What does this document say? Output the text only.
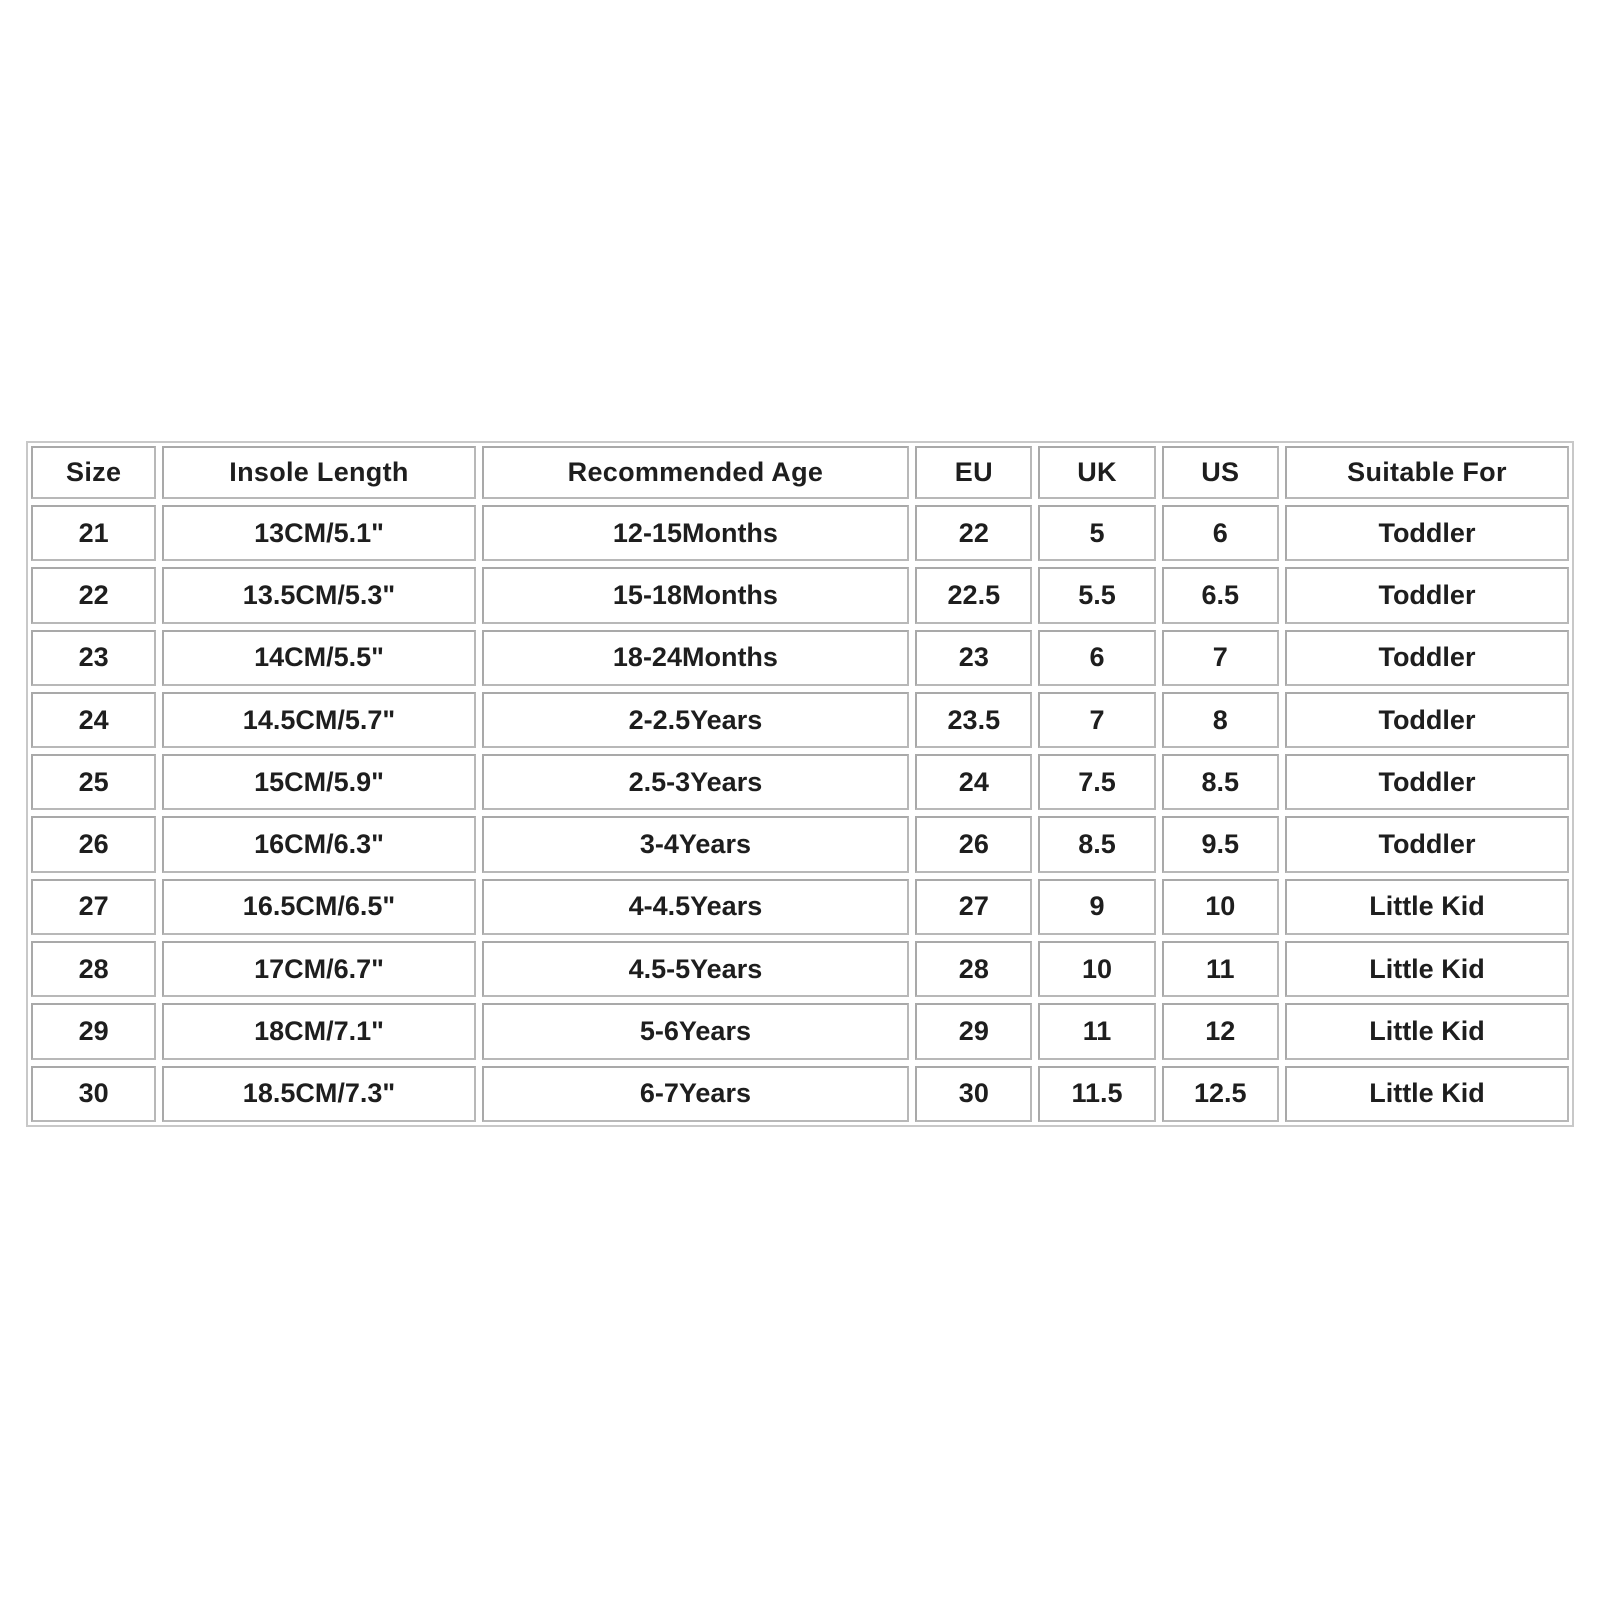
Size	Insole Length	Recommended Age	EU	UK	US	Suitable For
21	13CM/5.1"	12-15Months	22	5	6	Toddler
22	13.5CM/5.3"	15-18Months	22.5	5.5	6.5	Toddler
23	14CM/5.5"	18-24Months	23	6	7	Toddler
24	14.5CM/5.7"	2-2.5Years	23.5	7	8	Toddler
25	15CM/5.9"	2.5-3Years	24	7.5	8.5	Toddler
26	16CM/6.3"	3-4Years	26	8.5	9.5	Toddler
27	16.5CM/6.5"	4-4.5Years	27	9	10	Little Kid
28	17CM/6.7"	4.5-5Years	28	10	11	Little Kid
29	18CM/7.1"	5-6Years	29	11	12	Little Kid
30	18.5CM/7.3"	6-7Years	30	11.5	12.5	Little Kid
